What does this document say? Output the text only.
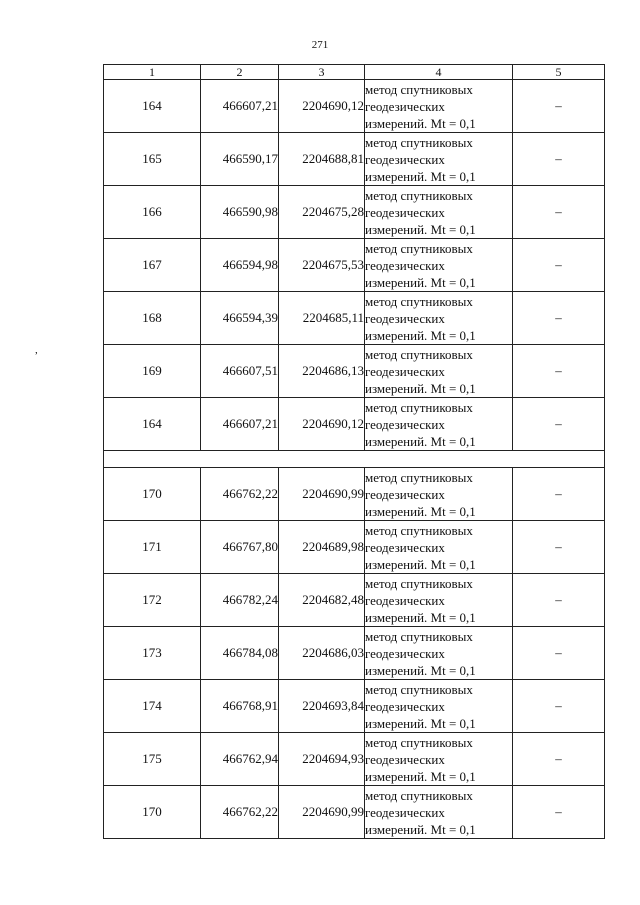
271
,
1	2	3	4	5
164	466607,21	2204690,12	метод спутниковых
геодезических
измерений. Mt = 0,1	–
165	466590,17	2204688,81	метод спутниковых
геодезических
измерений. Mt = 0,1	–
166	466590,98	2204675,28	метод спутниковых
геодезических
измерений. Mt = 0,1	–
167	466594,98	2204675,53	метод спутниковых
геодезических
измерений. Mt = 0,1	–
168	466594,39	2204685,11	метод спутниковых
геодезических
измерений. Mt = 0,1	–
169	466607,51	2204686,13	метод спутниковых
геодезических
измерений. Mt = 0,1	–
164	466607,21	2204690,12	метод спутниковых
геодезических
измерений. Mt = 0,1	–

170	466762,22	2204690,99	метод спутниковых
геодезических
измерений. Mt = 0,1	–
171	466767,80	2204689,98	метод спутниковых
геодезических
измерений. Mt = 0,1	–
172	466782,24	2204682,48	метод спутниковых
геодезических
измерений. Mt = 0,1	–
173	466784,08	2204686,03	метод спутниковых
геодезических
измерений. Mt = 0,1	–
174	466768,91	2204693,84	метод спутниковых
геодезических
измерений. Mt = 0,1	–
175	466762,94	2204694,93	метод спутниковых
геодезических
измерений. Mt = 0,1	–
170	466762,22	2204690,99	метод спутниковых
геодезических
измерений. Mt = 0,1	–
